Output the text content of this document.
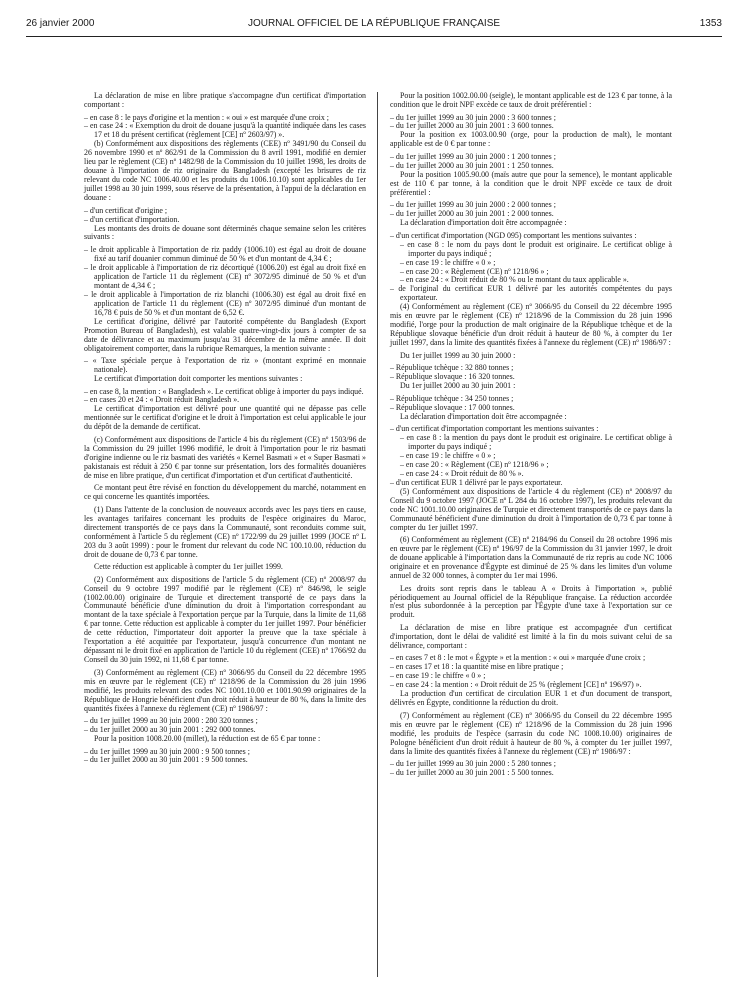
26 janvier 2000	JOURNAL OFFICIEL DE LA RÉPUBLIQUE FRANÇAISE	1353
La déclaration de mise en libre pratique s'accompagne d'un certificat d'importation comportant :
– en case 8 : le pays d'origine et la mention : « oui » est marquée d'une croix ;
– en case 24 : « Exemption du droit de douane jusqu'à la quantité indiquée dans les cases 17 et 18 du présent certificat (règlement [CE] nº 2603/97) ».
(b) Conformément aux dispositions des règlements (CEE) nº 3491/90 du Conseil du 26 novembre 1990 et nº 862/91 de la Commission du 8 avril 1991, modifié en dernier lieu par le règlement (CE) nº 1482/98 de la Commission du 10 juillet 1998, les droits de douane à l'importation de riz originaire du Bangladesh (excepté les brisures de riz relevant du code NC 1006.40.00 et les produits du 1006.10.10) sont applicables du 1er juillet 1998 au 30 juin 1999, sous réserve de la présentation, à l'appui de la déclaration en douane :
– d'un certificat d'origine ;
– d'un certificat d'importation.
Les montants des droits de douane sont déterminés chaque semaine selon les critères suivants :
– le droit applicable à l'importation de riz paddy (1006.10) est égal au droit de douane fixé au tarif douanier commun diminué de 50 % et d'un montant de 4,34 € ;
– le droit applicable à l'importation de riz décortiqué (1006.20) est égal au droit fixé en application de l'article 11 du règlement (CE) nº 3072/95 diminué de 50 % et d'un montant de 4,34 € ;
– le droit applicable à l'importation de riz blanchi (1006.30) est égal au droit fixé en application de l'article 11 du règlement (CE) nº 3072/95 diminué d'un montant de 16,78 € puis de 50 % et d'un montant de 6,52 €.
Le certificat d'origine, délivré par l'autorité compétente du Bangladesh (Export Promotion Bureau of Bangladesh), est valable quatre-vingt-dix jours à compter de sa date de délivrance et au maximum jusqu'au 31 décembre de la même année. Il doit obligatoirement comporter, dans la rubrique Remarques, la mention suivante :
– « Taxe spéciale perçue à l'exportation de riz » (montant exprimé en monnaie nationale).
Le certificat d'importation doit comporter les mentions suivantes :
– en case 8, la mention : « Bangladesh ». Le certificat oblige à importer du pays indiqué.
– en cases 20 et 24 : « Droit réduit Bangladesh ».
Le certificat d'importation est délivré pour une quantité qui ne dépasse pas celle mentionnée sur le certificat d'origine et le droit à l'importation est celui applicable le jour du dépôt de la demande de certificat.
(c) Conformément aux dispositions de l'article 4 bis du règlement (CE) nº 1503/96 de la Commission du 29 juillet 1996 modifié, le droit à l'importation pour le riz basmati d'origine indienne ou le riz basmati des variétés « Kernel Basmati » et « Super Basmati » pakistanais est réduit à 250 € par tonne sur présentation, lors des formalités douanières de mise en libre pratique, d'un certificat d'importation et d'un certificat d'authenticité.
Ce montant peut être révisé en fonction du développement du marché, notamment en ce qui concerne les quantités importées.
(1) Dans l'attente de la conclusion de nouveaux accords avec les pays tiers en cause, les avantages tarifaires concernant les produits de l'espèce originaires du Maroc, directement transportés de ce pays dans la Communauté, sont reconduits comme suit, conformément à l'article 5 du règlement (CE) nº 1722/99 du 29 juillet 1999 (JOCE nº L 203 du 3 août 1999) : pour le froment dur relevant du code NC 100.10.00, réduction du droit de douane de 0,73 € par tonne.
Cette réduction est applicable à compter du 1er juillet 1999.
(2) Conformément aux dispositions de l'article 5 du règlement (CE) nº 2008/97 du Conseil du 9 octobre 1997 modifié par le règlement (CE) nº 846/98, le seigle (1002.00.00) originaire de Turquie et directement transporté de ce pays dans la Communauté bénéficie d'une diminution du droit à l'importation correspondant au montant de la taxe spéciale à l'exportation perçue par la Turquie, dans la limite de 11,68 € par tonne. Cette réduction est applicable à compter du 1er juillet 1997. Pour bénéficier de cette réduction, l'importateur doit apporter la preuve que la taxe spéciale à l'exportation a été acquittée par l'exportateur, jusqu'à concurrence d'un montant ne dépassant ni le droit fixé en application de l'article 10 du règlement (CEE) nº 1766/92 du Conseil du 30 juin 1992, ni 11,68 € par tonne.
(3) Conformément au règlement (CE) nº 3066/95 du Conseil du 22 décembre 1995 mis en œuvre par le règlement (CE) nº 1218/96 de la Commission du 28 juin 1996 modifié, les produits relevant des codes NC 1001.10.00 et 1001.90.99 originaires de la République de Hongrie bénéficient d'un droit réduit à hauteur de 80 %, dans la limite des quantités fixées à l'annexe du règlement (CE) nº 1986/97 :
– du 1er juillet 1999 au 30 juin 2000 : 280 320 tonnes ;
– du 1er juillet 2000 au 30 juin 2001 : 292 000 tonnes.
Pour la position 1008.20.00 (millet), la réduction est de 65 € par tonne :
– du 1er juillet 1999 au 30 juin 2000 : 9 500 tonnes ;
– du 1er juillet 2000 au 30 juin 2001 : 9 500 tonnes.
Pour la position 1002.00.00 (seigle), le montant applicable est de 123 € par tonne, à la condition que le droit NPF excède ce taux de droit préférentiel :
– du 1er juillet 1999 au 30 juin 2000 : 3 600 tonnes ;
– du 1er juillet 2000 au 30 juin 2001 : 3 600 tonnes.
Pour la position ex 1003.00.90 (orge, pour la production de malt), le montant applicable est de 0 € par tonne :
– du 1er juillet 1999 au 30 juin 2000 : 1 200 tonnes ;
– du 1er juillet 2000 au 30 juin 2001 : 1 250 tonnes.
Pour la position 1005.90.00 (maïs autre que pour la semence), le montant applicable est de 110 € par tonne, à la condition que le droit NPF excède ce taux de droit préférentiel :
– du 1er juillet 1999 au 30 juin 2000 : 2 000 tonnes ;
– du 1er juillet 2000 au 30 juin 2001 : 2 000 tonnes.
La déclaration d'importation doit être accompagnée :
– d'un certificat d'importation (NGD 095) comportant les mentions suivantes :
– en case 8 : le nom du pays dont le produit est originaire. Le certificat oblige à importer du pays indiqué ;
– en case 19 : le chiffre « 0 » ;
– en case 20 : « Règlement (CE) nº 1218/96 » ;
– en case 24 : « Droit réduit de 80 % ou le montant du taux applicable ».
– de l'original du certificat EUR 1 délivré par les autorités compétentes du pays exportateur.
(4) Conformément au règlement (CE) nº 3066/95 du Conseil du 22 décembre 1995 mis en œuvre par le règlement (CE) nº 1218/96 de la Commission du 28 juin 1996 modifié, l'orge pour la production de malt originaire de la République tchèque et de la République slovaque bénéficie d'un droit réduit à hauteur de 80 %, à compter du 1er juillet 1997, dans la limite des quantités fixées à l'annexe du règlement (CE) nº 1986/97 :
Du 1er juillet 1999 au 30 juin 2000 :
– République tchèque : 32 880 tonnes ;
– République slovaque : 16 320 tonnes.
Du 1er juillet 2000 au 30 juin 2001 :
– République tchèque : 34 250 tonnes ;
– République slovaque : 17 000 tonnes.
La déclaration d'importation doit être accompagnée :
– d'un certificat d'importation comportant les mentions suivantes :
– en case 8 : la mention du pays dont le produit est originaire. Le certificat oblige à importer du pays indiqué ;
– en case 19 : le chiffre « 0 » ;
– en case 20 : « Règlement (CE) nº 1218/96 » ;
– en case 24 : « Droit réduit de 80 % ».
– d'un certificat EUR 1 délivré par le pays exportateur.
(5) Conformément aux dispositions de l'article 4 du règlement (CE) nº 2008/97 du Conseil du 9 octobre 1997 (JOCE nº L 284 du 16 octobre 1997), les produits relevant du code NC 1001.10.00 originaires de Turquie et directement transportés de ce pays dans la Communauté bénéficient d'une diminution du droit à l'importation de 0,73 € par tonne à compter du 1er juillet 1997.
(6) Conformément au règlement (CE) nº 2184/96 du Conseil du 28 octobre 1996 mis en œuvre par le règlement (CE) nº 196/97 de la Commission du 31 janvier 1997, le droit de douane applicable à l'importation dans la Communauté de riz repris au code NC 1006 originaire et en provenance d'Égypte est diminué de 25 % dans les limites d'un volume annuel de 32 000 tonnes, à compter du 1er mai 1996.
Les droits sont repris dans le tableau A « Droits à l'importation », publié périodiquement au Journal officiel de la République française. La réduction accordée n'est plus subordonnée à la perception par l'Égypte d'une taxe à l'exportation sur ce produit.
La déclaration de mise en libre pratique est accompagnée d'un certificat d'importation, dont le délai de validité est limité à la fin du mois suivant celui de sa délivrance, comportant :
– en cases 7 et 8 : le mot « Égypte » et la mention : « oui » marquée d'une croix ;
– en cases 17 et 18 : la quantité mise en libre pratique ;
– en case 19 : le chiffre « 0 » ;
– en case 24 : la mention : « Droit réduit de 25 % (règlement [CE] nº 196/97) ».
La production d'un certificat de circulation EUR 1 et d'un document de transport, délivrés en Égypte, conditionne la réduction du droit.
(7) Conformément au règlement (CE) nº 3066/95 du Conseil du 22 décembre 1995 mis en œuvre par le règlement (CE) nº 1218/96 de la Commission du 28 juin 1996 modifié, les produits de l'espèce (sarrasin du code NC 1008.10.00) originaires de Pologne bénéficient d'un droit réduit à hauteur de 80 %, à compter du 1er juillet 1997, dans la limite des quantités fixées à l'annexe du règlement (CE) nº 1986/97 :
– du 1er juillet 1999 au 30 juin 2000 : 5 280 tonnes ;
– du 1er juillet 2000 au 30 juin 2001 : 5 500 tonnes.
